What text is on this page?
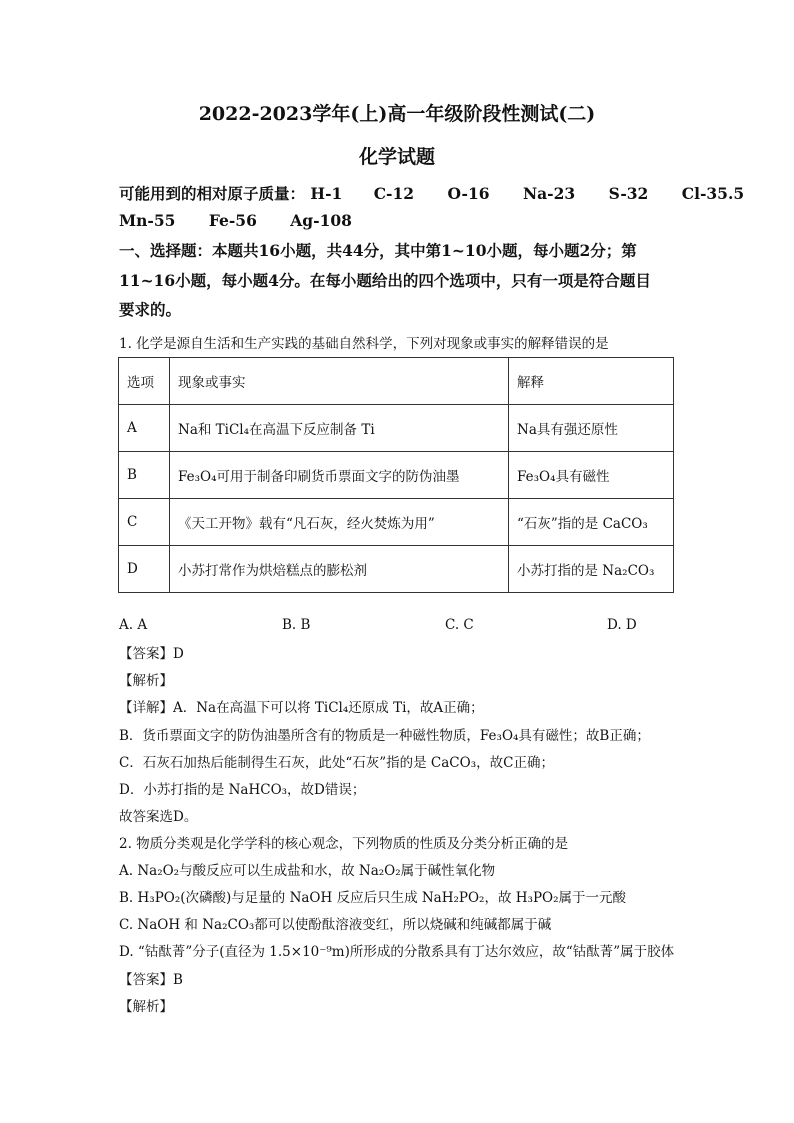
2022-2023学年(上)高一年级阶段性测试(二)
化学试题
可能用到的相对原子质量： H-1 C-12 O-16 Na-23 S-32 Cl-35.5
Mn-55 Fe-56 Ag-108
一、选择题：本题共16小题，共44分，其中第1~10小题，每小题2分；第
11~16小题，每小题4分。在每小题给出的四个选项中，只有一项是符合题目
要求的。
1. 化学是源自生活和生产实践的基础自然科学，下列对现象或事实的解释错误的是
选项	现象或事实	解释
A	Na和 TiCl₄在高温下反应制备 Ti	Na具有强还原性
B	Fe₃O₄可用于制备印刷货币票面文字的防伪油墨	Fe₃O₄具有磁性
C	《天工开物》载有“凡石灰，经火焚炼为用”	“石灰”指的是 CaCO₃
D	小苏打常作为烘焙糕点的膨松剂	小苏打指的是 Na₂CO₃
A. A	B. B	C. C	D. D
【答案】D
【解析】
【详解】A．Na在高温下可以将 TiCl₄还原成 Ti，故A正确；
B．货币票面文字的防伪油墨所含有的物质是一种磁性物质，Fe₃O₄具有磁性；故B正确；
C．石灰石加热后能制得生石灰，此处“石灰”指的是 CaCO₃，故C正确；
D．小苏打指的是 NaHCO₃，故D错误；
故答案选D。
2. 物质分类观是化学学科的核心观念，下列物质的性质及分类分析正确的是
A. Na₂O₂与酸反应可以生成盐和水，故 Na₂O₂属于碱性氧化物
B. H₃PO₂(次磷酸)与足量的 NaOH 反应后只生成 NaH₂PO₂，故 H₃PO₂属于一元酸
C. NaOH 和 Na₂CO₃都可以使酚酞溶液变红，所以烧碱和纯碱都属于碱
D. “钴酞菁”分子(直径为 1.5×10⁻⁹m)所形成的分散系具有丁达尔效应，故“钴酞菁”属于胶体
【答案】B
【解析】
